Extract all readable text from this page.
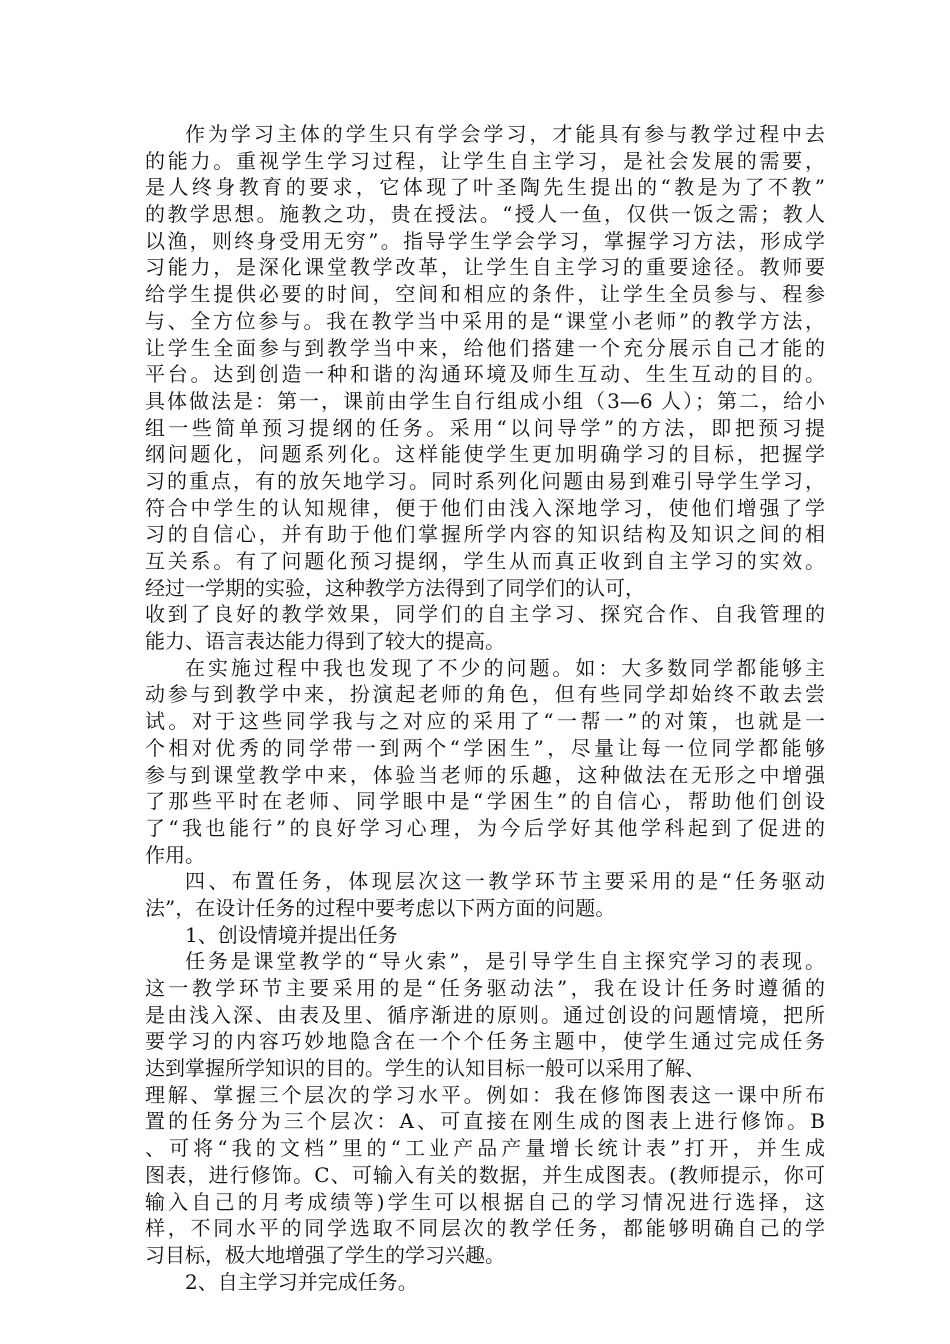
作为学习主体的学生只有学会学习，才能具有参与教学过程中去
的能力。重视学生学习过程，让学生自主学习，是社会发展的需要，
是人终身教育的要求，它体现了叶圣陶先生提出的“教是为了不教”
的教学思想。施教之功，贵在授法。“授人一鱼，仅供一饭之需；教人
以渔，则终身受用无穷”。指导学生学会学习，掌握学习方法，形成学
习能力，是深化课堂教学改革，让学生自主学习的重要途径。教师要
给学生提供必要的时间，空间和相应的条件，让学生全员参与、程参
与、全方位参与。我在教学当中采用的是“课堂小老师”的教学方法，
让学生全面参与到教学当中来，给他们搭建一个充分展示自己才能的
平台。达到创造一种和谐的沟通环境及师生互动、生生互动的目的。
具体做法是：第一，课前由学生自行组成小组（3—6 人）；第二，给小
组一些简单预习提纲的任务。采用“以问导学”的方法，即把预习提
纲问题化，问题系列化。这样能使学生更加明确学习的目标，把握学
习的重点，有的放矢地学习。同时系列化问题由易到难引导学生学习，
符合中学生的认知规律，便于他们由浅入深地学习，使他们增强了学
习的自信心，并有助于他们掌握所学内容的知识结构及知识之间的相
互关系。有了问题化预习提纲，学生从而真正收到自主学习的实效。
经过一学期的实验，这种教学方法得到了同学们的认可，
收到了良好的教学效果，同学们的自主学习、探究合作、自我管理的
能力、语言表达能力得到了较大的提高。
在实施过程中我也发现了不少的问题。如：大多数同学都能够主
动参与到教学中来，扮演起老师的角色，但有些同学却始终不敢去尝
试。对于这些同学我与之对应的采用了“一帮一”的对策，也就是一
个相对优秀的同学带一到两个“学困生”，尽量让每一位同学都能够
参与到课堂教学中来，体验当老师的乐趣，这种做法在无形之中增强
了那些平时在老师、同学眼中是“学困生”的自信心，帮助他们创设
了“我也能行”的良好学习心理，为今后学好其他学科起到了促进的
作用。
四、布置任务，体现层次这一教学环节主要采用的是“任务驱动
法”，在设计任务的过程中要考虑以下两方面的问题。
1、创设情境并提出任务
任务是课堂教学的“导火索”，是引导学生自主探究学习的表现。
这一教学环节主要采用的是“任务驱动法”，我在设计任务时遵循的
是由浅入深、由表及里、循序渐进的原则。通过创设的问题情境，把所
要学习的内容巧妙地隐含在一个个任务主题中，使学生通过完成任务
达到掌握所学知识的目的。学生的认知目标一般可以采用了解、
理解、掌握三个层次的学习水平。例如：我在修饰图表这一课中所布
置的任务分为三个层次：A、可直接在刚生成的图表上进行修饰。B
、可将“我的文档”里的“工业产品产量增长统计表”打开，并生成
图表，进行修饰。C、可输入有关的数据，并生成图表。(教师提示，你可
输入自己的月考成绩等)学生可以根据自己的学习情况进行选择，这
样，不同水平的同学选取不同层次的教学任务，都能够明确自己的学
习目标，极大地增强了学生的学习兴趣。
2、自主学习并完成任务。
